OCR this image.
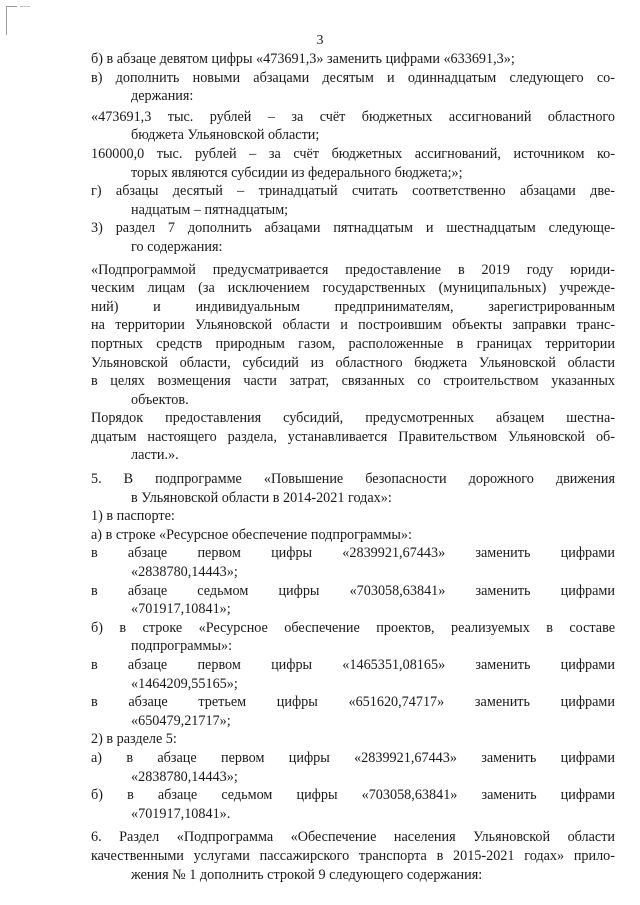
3
б) в абзаце девятом цифры «473691,3» заменить цифрами «633691,3»;
в) дополнить новыми абзацами десятым и одиннадцатым следующего со-
держания:
«473691,3 тыс. рублей – за счёт бюджетных ассигнований областного
бюджета Ульяновской области;
160000,0 тыс. рублей – за счёт бюджетных ассигнований, источником ко-
торых являются субсидии из федерального бюджета;»;
г) абзацы десятый – тринадцатый считать соответственно абзацами две-
надцатым – пятнадцатым;
3) раздел 7 дополнить абзацами пятнадцатым и шестнадцатым следующе-
го содержания:
«Подпрограммой предусматривается предоставление в 2019 году юриди-
ческим лицам (за исключением государственных (муниципальных) учрежде-
ний) и индивидуальным предпринимателям, зарегистрированным
на территории Ульяновской области и построившим объекты заправки транс-
портных средств природным газом, расположенные в границах территории
Ульяновской области, субсидий из областного бюджета Ульяновской области
в целях возмещения части затрат, связанных со строительством указанных
объектов.
Порядок предоставления субсидий, предусмотренных абзацем шестна-
дцатым настоящего раздела, устанавливается Правительством Ульяновской об-
ласти.».
5. В подпрограмме «Повышение безопасности дорожного движения
в Ульяновской области в 2014-2021 годах»:
1) в паспорте:
а) в строке «Ресурсное обеспечение подпрограммы»:
в абзаце первом цифры «2839921,67443» заменить цифрами
«2838780,14443»;
в абзаце седьмом цифры «703058,63841» заменить цифрами
«701917,10841»;
б) в строке «Ресурсное обеспечение проектов, реализуемых в составе
подпрограммы»:
в абзаце первом цифры «1465351,08165» заменить цифрами
«1464209,55165»;
в абзаце третьем цифры «651620,74717» заменить цифрами
«650479,21717»;
2) в разделе 5:
а) в абзаце первом цифры «2839921,67443» заменить цифрами
«2838780,14443»;
б) в абзаце седьмом цифры «703058,63841» заменить цифрами
«701917,10841».
6. Раздел «Подпрограмма «Обеспечение населения Ульяновской области
качественными услугами пассажирского транспорта в 2015-2021 годах» прило-
жения № 1 дополнить строкой 9 следующего содержания:
